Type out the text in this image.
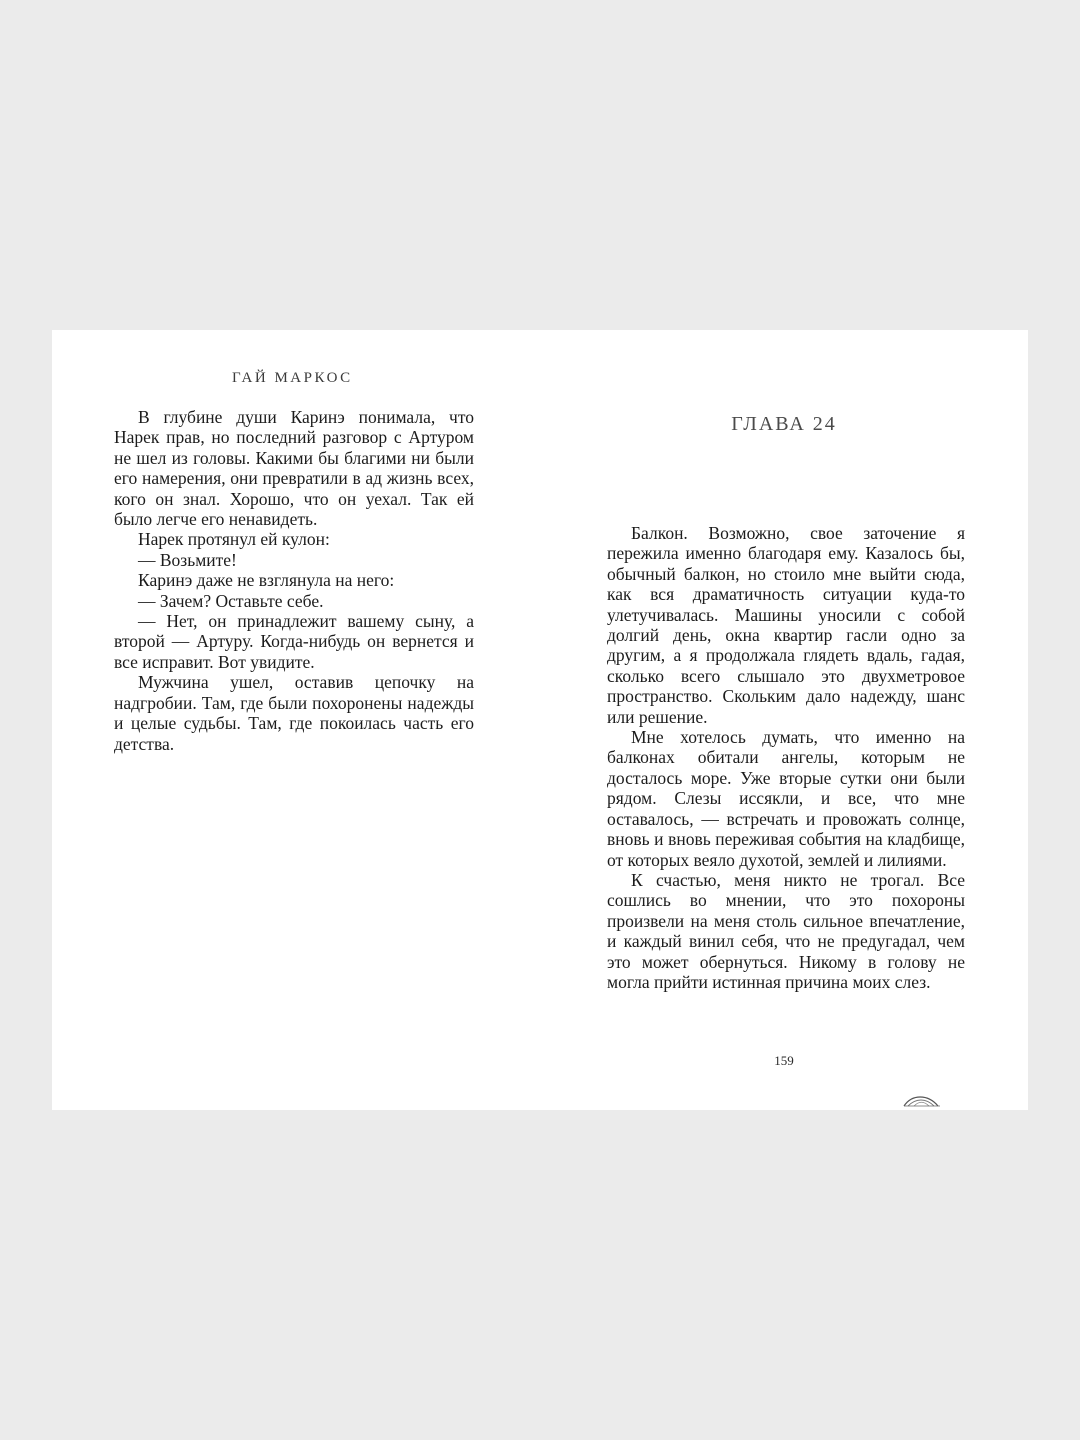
ГАЙ МАРКОС

В глубине души Каринэ понимала, что Нарек прав, но последний разговор с Артуром не шел из головы. Какими бы благими ни были его намерения, они превратили в ад жизнь всех, кого он знал. Хорошо, что он уехал. Так ей было легче его ненавидеть.

Нарек протянул ей кулон:

— Возьмите!

Каринэ даже не взглянула на него:

— Зачем? Оставьте себе.

— Нет, он принадлежит вашему сыну, а второй — Артуру. Когда-нибудь он вернется и все исправит. Вот увидите.

Мужчина ушел, оставив цепочку на надгробии. Там, где были похоронены надежды и целые судьбы. Там, где покоилась часть его детства.

ГЛАВА 24

Балкон. Возможно, свое заточение я пережила именно благодаря ему. Казалось бы, обычный балкон, но стоило мне выйти сюда, как вся драматичность ситуации куда-то улетучивалась. Машины уносили с собой долгий день, окна квартир гасли одно за другим, а я продолжала глядеть вдаль, гадая, сколько всего слышало это двухметровое пространство. Скольким дало надежду, шанс или решение.

Мне хотелось думать, что именно на балконах обитали ангелы, которым не досталось море. Уже вторые сутки они были рядом. Слезы иссякли, и все, что мне оставалось, — встречать и провожать солнце, вновь и вновь переживая события на кладбище, от которых веяло духотой, землей и лилиями.

К счастью, меня никто не трогал. Все сошлись во мнении, что это похороны произвели на меня столь сильное впечатление, и каждый винил себя, что не предугадал, чем это может обернуться. Никому в голову не могла прийти истинная причина моих слез.

159
